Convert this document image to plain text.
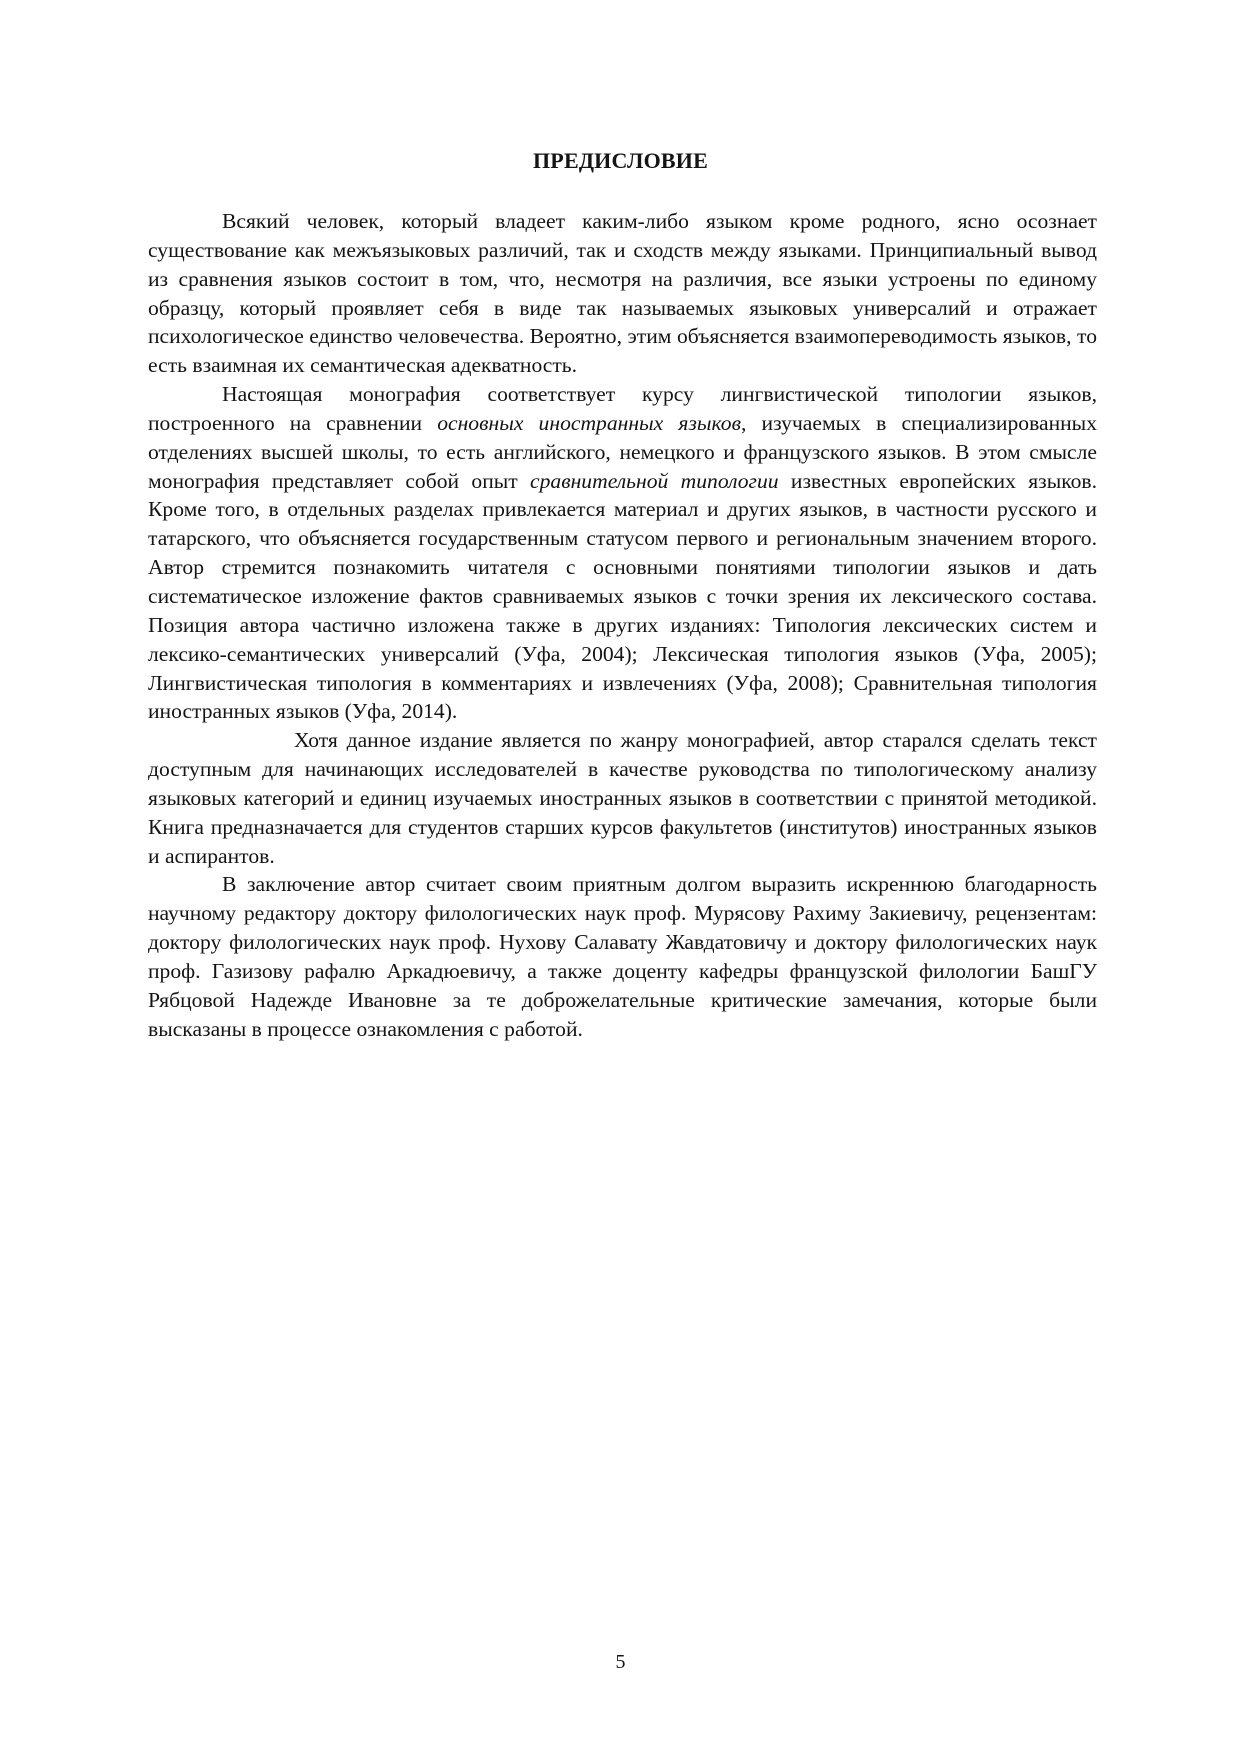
ПРЕДИСЛОВИЕ

Всякий человек, который владеет каким-либо языком кроме родного, ясно осознает существование как межъязыковых различий, так и сходств между языками. Принципиальный вывод из сравнения языков состоит в том, что, несмотря на различия, все языки устроены по единому образцу, который проявляет себя в виде так называемых языковых универсалий и отражает психологическое единство человечества. Вероятно, этим объясняется взаимопереводимость языков, то есть взаимная их семантическая адекватность.

Настоящая монография соответствует курсу лингвистической типологии языков, построенного на сравнении основных иностранных языков, изучаемых в специализированных отделениях высшей школы, то есть английского, немецкого и французского языков. В этом смысле монография представляет собой опыт сравнительной типологии известных европейских языков. Кроме того, в отдельных разделах привлекается материал и других языков, в частности русского и татарского, что объясняется государственным статусом первого и региональным значением второго. Автор стремится познакомить читателя с основными понятиями типологии языков и дать систематическое изложение фактов сравниваемых языков с точки зрения их лексического состава. Позиция автора частично изложена также в других изданиях: Типология лексических систем и лексико-семантических универсалий (Уфа, 2004); Лексическая типология языков (Уфа, 2005); Лингвистическая типология в комментариях и извлечениях (Уфа, 2008); Сравнительная типология иностранных языков (Уфа, 2014).

Хотя данное издание является по жанру монографией, автор старался сделать текст доступным для начинающих исследователей в качестве руководства по типологическому анализу языковых категорий и единиц изучаемых иностранных языков в соответствии с принятой методикой. Книга предназначается для студентов старших курсов факультетов (институтов) иностранных языков и аспирантов.

В заключение автор считает своим приятным долгом выразить искреннюю благодарность научному редактору доктору филологических наук проф. Мурясову Рахиму Закиевичу, рецензентам: доктору филологических наук проф. Нухову Салавату Жавдатовичу и доктору филологических наук проф. Газизову рафалю Аркадюевичу, а также доценту кафедры французской филологии БашГУ Рябцовой Надежде Ивановне за те доброжелательные критические замечания, которые были высказаны в процессе ознакомления с работой.

5
